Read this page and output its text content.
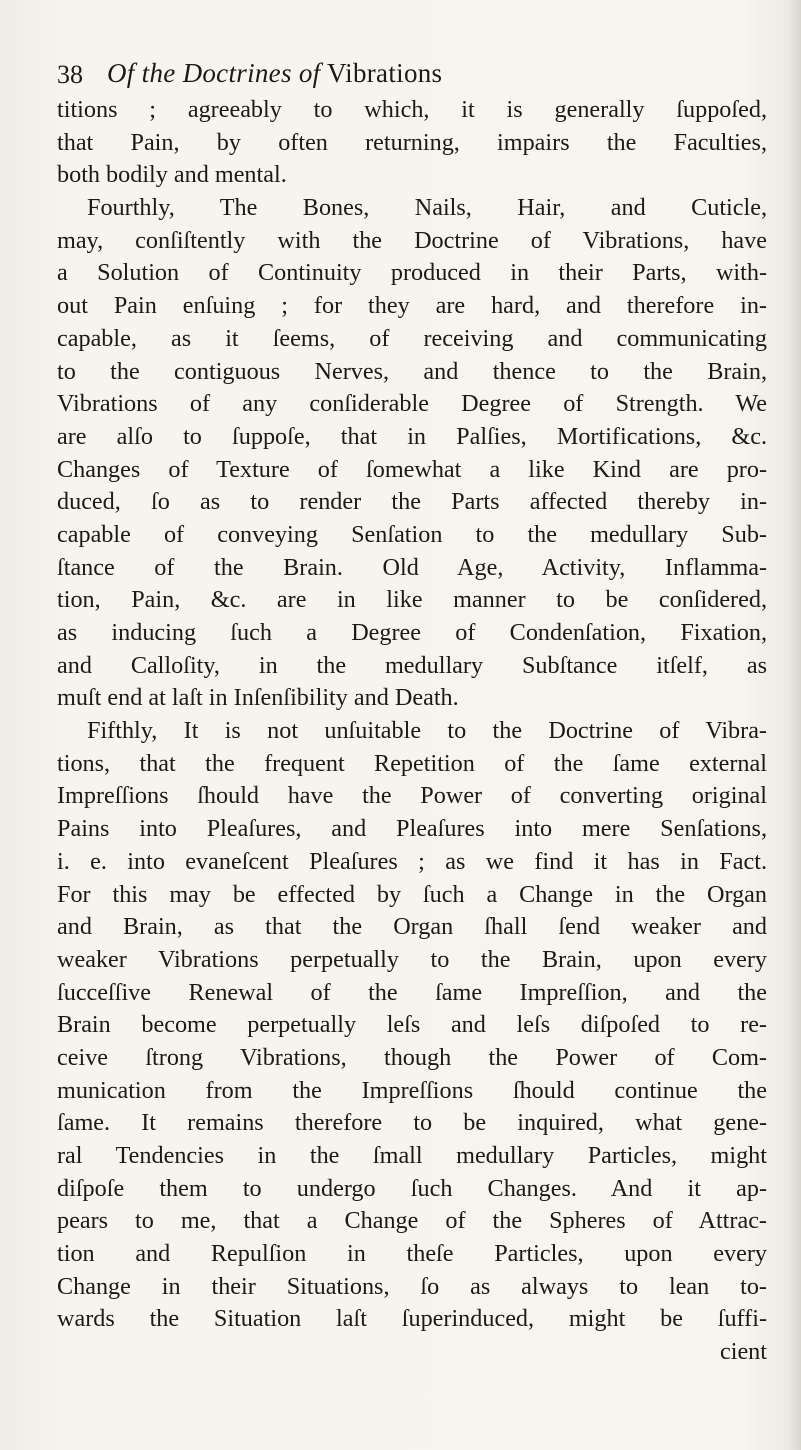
38 Of the Doctrines of Vibrations
titions ; agreeably to which, it is generally ſuppoſed,
that Pain, by often returning, impairs the Faculties,
both bodily and mental.
Fourthly, The Bones, Nails, Hair, and Cuticle,
may, conſiſtently with the Doctrine of Vibrations, have
a Solution of Continuity produced in their Parts, with-
out Pain enſuing ; for they are hard, and therefore in-
capable, as it ſeems, of receiving and communicating
to the contiguous Nerves, and thence to the Brain,
Vibrations of any conſiderable Degree of Strength. We
are alſo to ſuppoſe, that in Palſies, Mortifications, &c.
Changes of Texture of ſomewhat a like Kind are pro-
duced, ſo as to render the Parts affected thereby in-
capable of conveying Senſation to the medullary Sub-
ſtance of the Brain. Old Age, Activity, Inflamma-
tion, Pain, &c. are in like manner to be conſidered,
as inducing ſuch a Degree of Condenſation, Fixation,
and Calloſity, in the medullary Subſtance itſelf, as
muſt end at laſt in Inſenſibility and Death.
Fifthly, It is not unſuitable to the Doctrine of Vibra-
tions, that the frequent Repetition of the ſame external
Impreſſions ſhould have the Power of converting original
Pains into Pleaſures, and Pleaſures into mere Senſations,
i. e. into evaneſcent Pleaſures ; as we find it has in Fact.
For this may be effected by ſuch a Change in the Organ
and Brain, as that the Organ ſhall ſend weaker and
weaker Vibrations perpetually to the Brain, upon every
ſucceſſive Renewal of the ſame Impreſſion, and the
Brain become perpetually leſs and leſs diſpoſed to re-
ceive ſtrong Vibrations, though the Power of Com-
munication from the Impreſſions ſhould continue the
ſame. It remains therefore to be inquired, what gene-
ral Tendencies in the ſmall medullary Particles, might
diſpoſe them to undergo ſuch Changes. And it ap-
pears to me, that a Change of the Spheres of Attrac-
tion and Repulſion in theſe Particles, upon every
Change in their Situations, ſo as always to lean to-
wards the Situation laſt ſuperinduced, might be ſuffi-
cient
